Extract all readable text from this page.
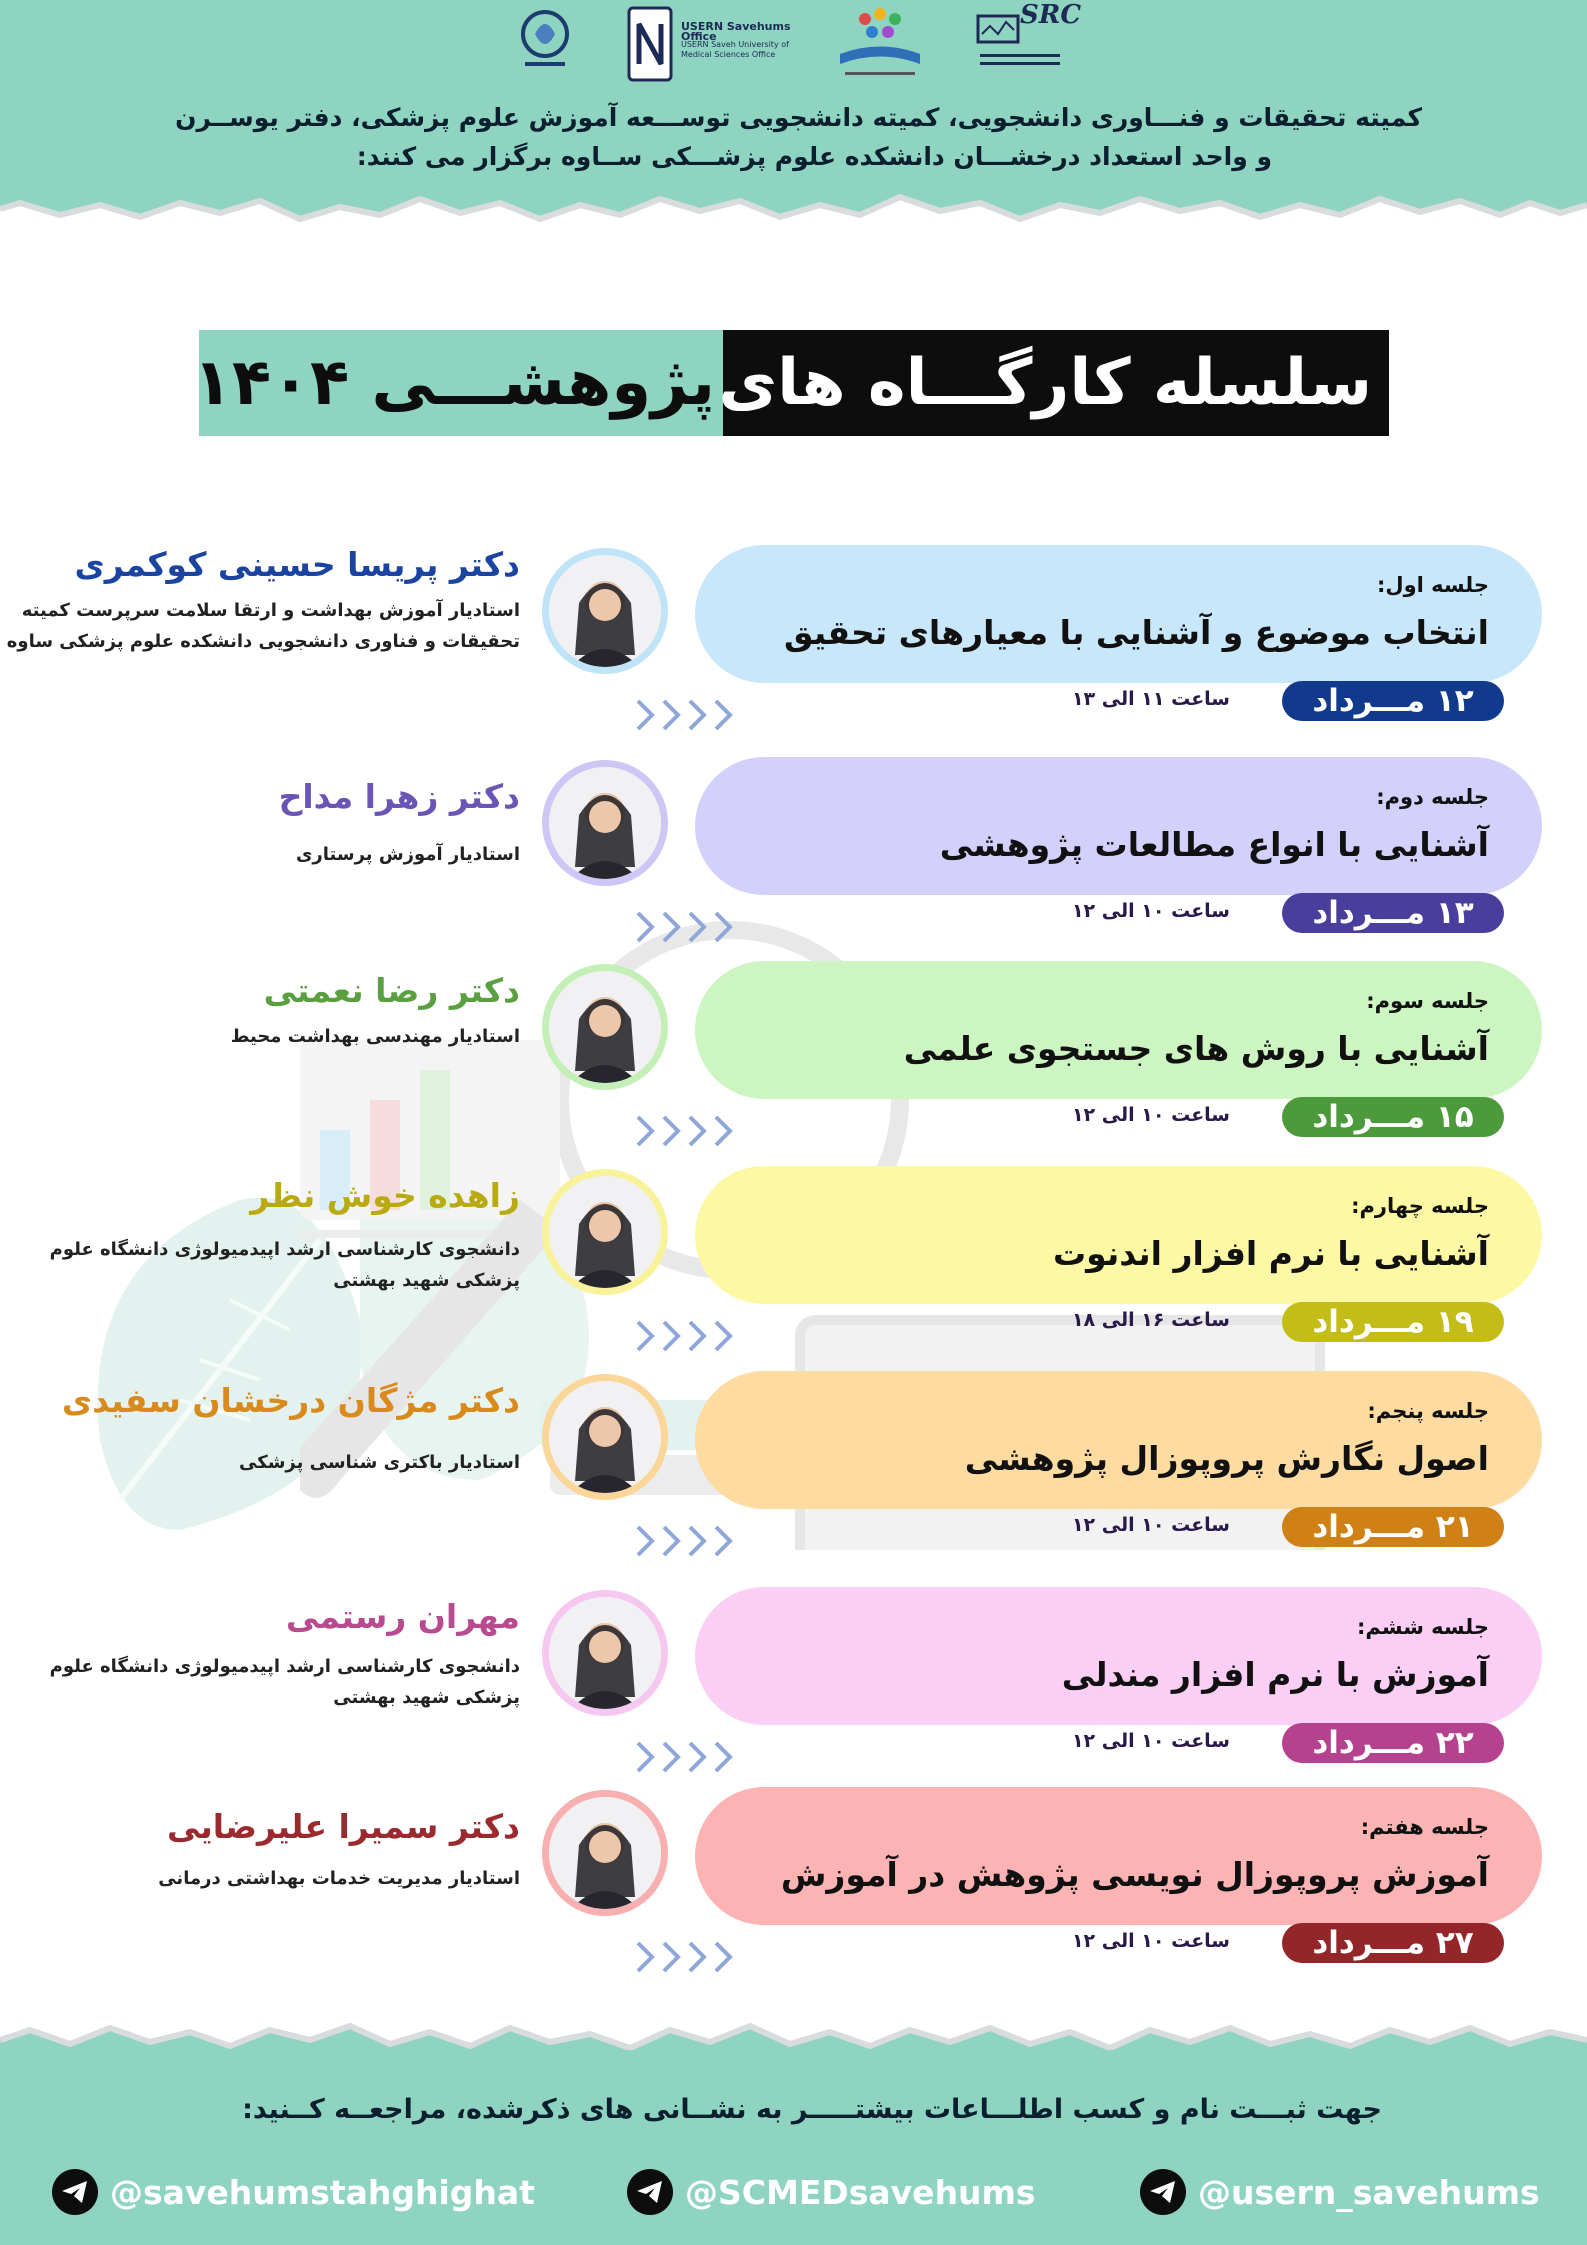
USERN Savehums Office
USERN Saveh University of Medical Sciences Office
SRC
کمیته تحقیقات و فنـــاوری دانشجویی، کمیته دانشجویی توســـعه آموزش علوم پزشکی، دفتر یوســرن
و واحد استعداد درخشـــان دانشکده علوم پزشـــکی ســاوه برگزار می کنند:
سلسله کارگـــاه های
پژوهشـــی ۱۴۰۴
جلسه اول:
انتخاب موضوع و آشنایی با معیارهای تحقیق
۱۲ مـــرداد
ساعت ۱۱ الی ۱۳
دکتر پریسا حسینی کوکمری
استادیار آموزش بهداشت و ارتقا سلامت سرپرست کمیته تحقیقات و فناوری دانشجویی دانشکده علوم پزشکی ساوه
جلسه دوم:
آشنایی با انواع مطالعات پژوهشی
۱۳ مـــرداد
ساعت ۱۰ الی ۱۲
دکتر زهرا مداح
استادیار آموزش پرستاری
جلسه سوم:
آشنایی با روش های جستجوی علمی
۱۵ مـــرداد
ساعت ۱۰ الی ۱۲
دکتر رضا نعمتی
استادیار مهندسی بهداشت محیط
جلسه چهارم:
آشنایی با نرم افزار اندنوت
۱۹ مـــرداد
ساعت ۱۶ الی ۱۸
زاهده خوش نظر
دانشجوی کارشناسی ارشد اپیدمیولوژی دانشگاه علوم پزشکی شهید بهشتی
جلسه پنجم:
اصول نگارش پروپوزال پژوهشی
۲۱ مـــرداد
ساعت ۱۰ الی ۱۲
دکتر مژگان درخشان سفیدی
استادیار باکتری شناسی پزشکی
جلسه ششم:
آموزش با نرم افزار مندلی
۲۲ مـــرداد
ساعت ۱۰ الی ۱۲
مهران رستمی
دانشجوی کارشناسی ارشد اپیدمیولوژی دانشگاه علوم پزشکی شهید بهشتی
جلسه هفتم:
آموزش پروپوزال نویسی پژوهش در آموزش
۲۷ مـــرداد
ساعت ۱۰ الی ۱۲
دکتر سمیرا علیرضایی
استادیار مدیریت خدمات بهداشتی درمانی
جهت ثبـــت نام و کسب اطلـــاعات بیشتـــــر به نشــانی های ذکرشده، مراجعــه کــنید:
@savehumstahghighat	@SCMEDsavehums	@usern_savehums
